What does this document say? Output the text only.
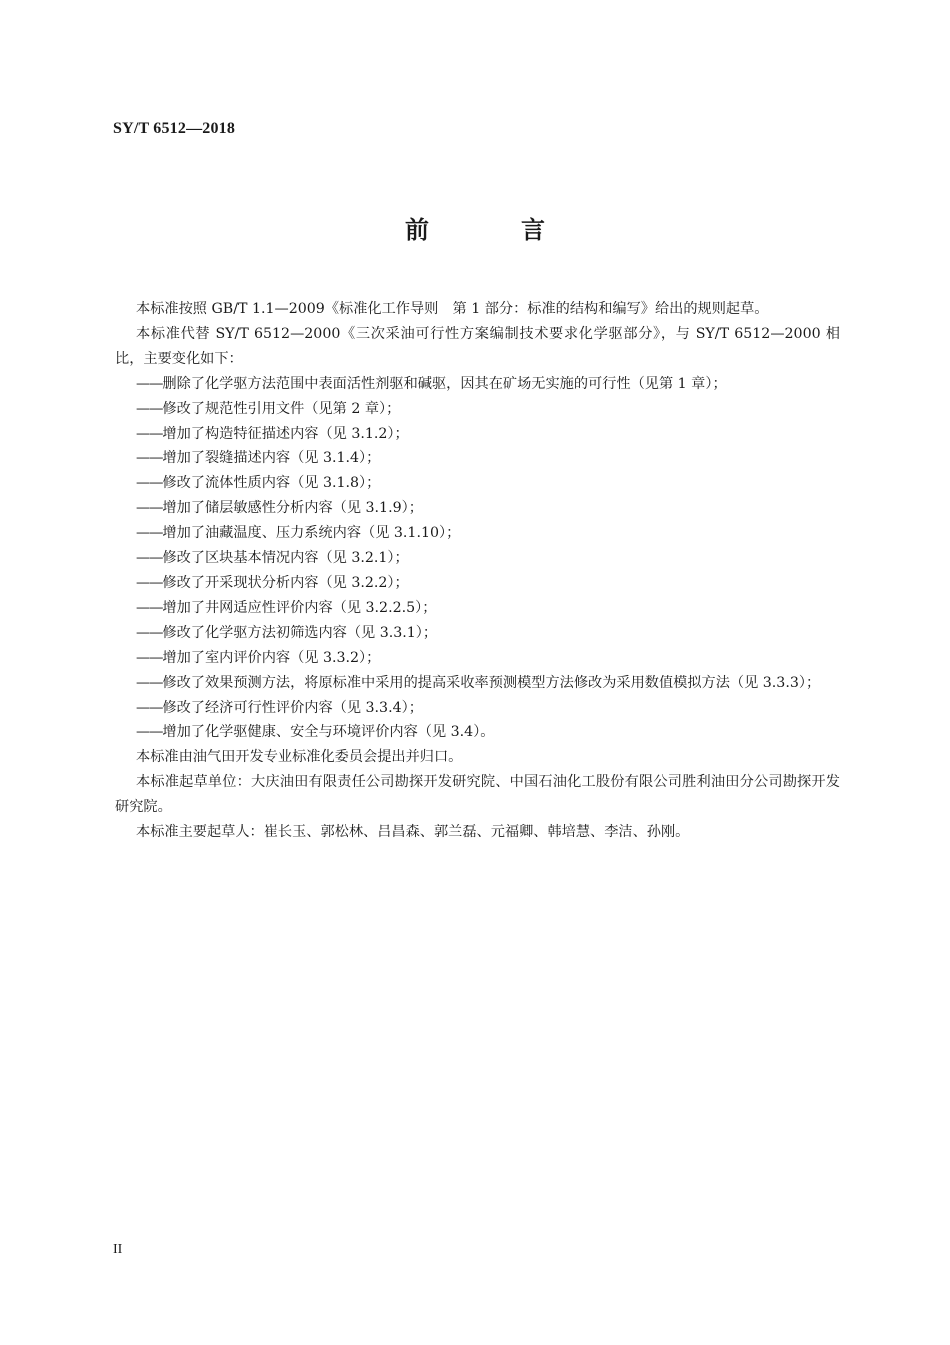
SY/T 6512—2018
前　言

本标准按照 GB/T 1.1—2009《标准化工作导则　第 1 部分：标准的结构和编写》给出的规则起草。

本标准代替 SY/T 6512—2000《三次采油可行性方案编制技术要求化学驱部分》，与 SY/T 6512—2000 相比，主要变化如下：

——删除了化学驱方法范围中表面活性剂驱和碱驱，因其在矿场无实施的可行性（见第 1 章）；
——修改了规范性引用文件（见第 2 章）；
——增加了构造特征描述内容（见 3.1.2）；
——增加了裂缝描述内容（见 3.1.4）；
——修改了流体性质内容（见 3.1.8）；
——增加了储层敏感性分析内容（见 3.1.9）；
——增加了油藏温度、压力系统内容（见 3.1.10）；
——修改了区块基本情况内容（见 3.2.1）；
——修改了开采现状分析内容（见 3.2.2）；
——增加了井网适应性评价内容（见 3.2.2.5）；
——修改了化学驱方法初筛选内容（见 3.3.1）；
——增加了室内评价内容（见 3.3.2）；
——修改了效果预测方法，将原标准中采用的提高采收率预测模型方法修改为采用数值模拟方法（见 3.3.3）；
——修改了经济可行性评价内容（见 3.3.4）；
——增加了化学驱健康、安全与环境评价内容（见 3.4）。

本标准由油气田开发专业标准化委员会提出并归口。

本标准起草单位：大庆油田有限责任公司勘探开发研究院、中国石油化工股份有限公司胜利油田分公司勘探开发研究院。

本标准主要起草人：崔长玉、郭松林、吕昌森、郭兰磊、元福卿、韩培慧、李洁、孙刚。

II
